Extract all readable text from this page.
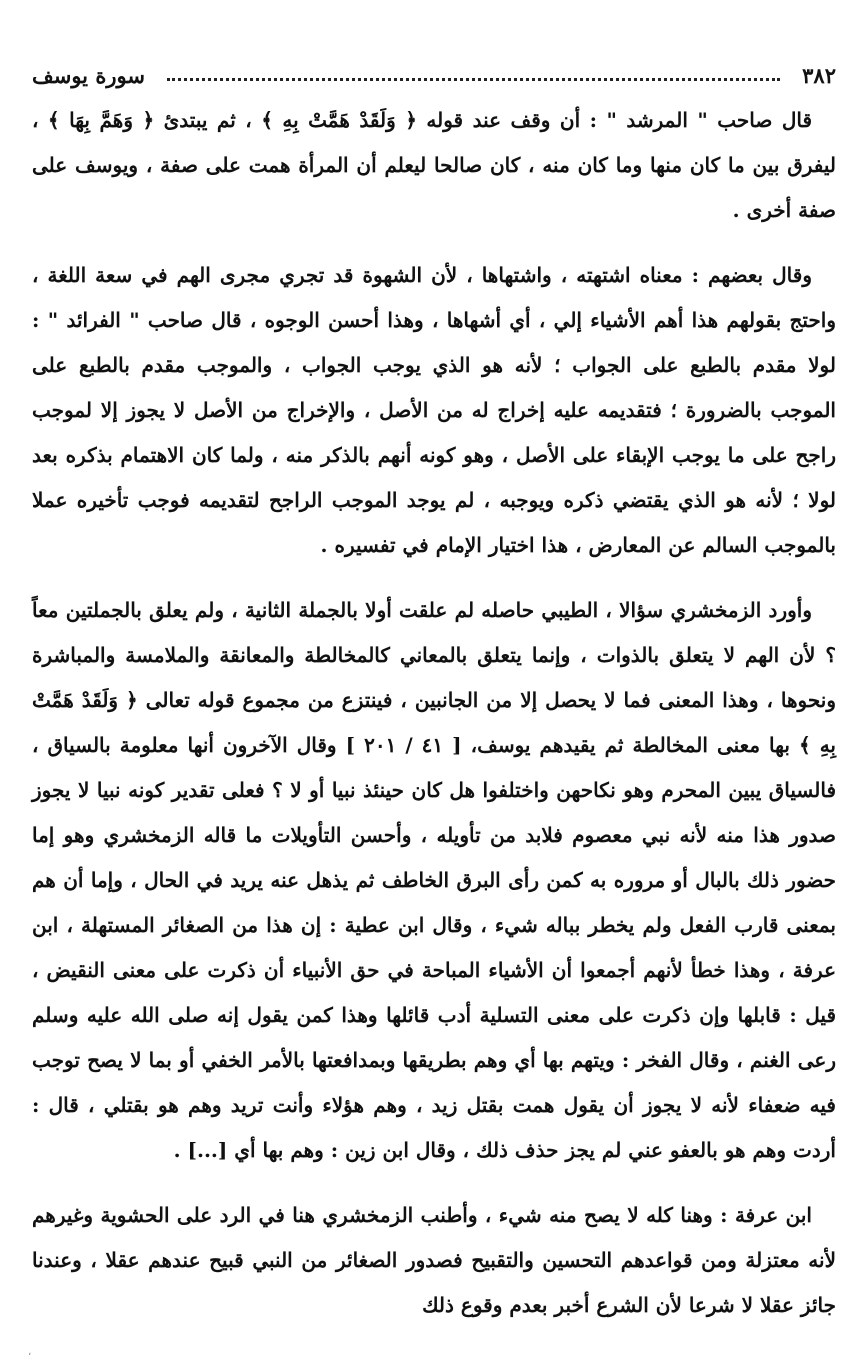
٣٨٢
سورة يوسف

قال صاحب " المرشد " : أن وقف عند قوله ﴿ وَلَقَدْ هَمَّتْ بِهِ ﴾ ، ثم يبتدئ ﴿ وَهَمَّ بِهَا ﴾ ، ليفرق بين ما كان منها وما كان منه ، كان صالحا ليعلم أن المرأة همت على صفة ، ويوسف على صفة أخرى .

وقال بعضهم : معناه اشتهته ، واشتهاها ، لأن الشهوة قد تجري مجرى الهم في سعة اللغة ، واحتج بقولهم هذا أهم الأشياء إلي ، أي أشهاها ، وهذا أحسن الوجوه ، قال صاحب " الفرائد " : لولا مقدم بالطبع على الجواب ؛ لأنه هو الذي يوجب الجواب ، والموجب مقدم بالطبع على الموجب بالضرورة ؛ فتقديمه عليه إخراج له من الأصل ، والإخراج من الأصل لا يجوز إلا لموجب راجح على ما يوجب الإبقاء على الأصل ، وهو كونه أنهم بالذكر منه ، ولما كان الاهتمام بذكره بعد لولا ؛ لأنه هو الذي يقتضي ذكره ويوجبه ، لم يوجد الموجب الراجح لتقديمه فوجب تأخيره عملا بالموجب السالم عن المعارض ، هذا اختيار الإمام في تفسيره .

وأورد الزمخشري سؤالا ، الطيبي حاصله لم علقت أولا بالجملة الثانية ، ولم يعلق بالجملتين معاً ؟ لأن الهم لا يتعلق بالذوات ، وإنما يتعلق بالمعاني كالمخالطة والمعانقة والملامسة والمباشرة ونحوها ، وهذا المعنى فما لا يحصل إلا من الجانبين ، فينتزع من مجموع قوله تعالى ﴿ وَلَقَدْ هَمَّتْ بِهِ ﴾ بها معنى المخالطة ثم يقيدهم يوسف، [ ٤١ / ٢٠١ ] وقال الآخرون أنها معلومة بالسياق ، فالسياق يبين المحرم وهو نكاحهن واختلفوا هل كان حينئذ نبيا أو لا ؟ فعلى تقدير كونه نبيا لا يجوز صدور هذا منه لأنه نبي معصوم فلابد من تأويله ، وأحسن التأويلات ما قاله الزمخشري وهو إما حضور ذلك بالبال أو مروره به كمن رأى البرق الخاطف ثم يذهل عنه يريد في الحال ، وإما أن هم بمعنى قارب الفعل ولم يخطر بباله شيء ، وقال ابن عطية : إن هذا من الصغائر المستهلة ، ابن عرفة ، وهذا خطأ لأنهم أجمعوا أن الأشياء المباحة في حق الأنبياء أن ذكرت على معنى النقيض ، قيل : قابلها وإن ذكرت على معنى التسلية أدب قائلها وهذا كمن يقول إنه صلى الله عليه وسلم رعى الغنم ، وقال الفخر : ويتهم بها أي وهم بطريقها وبمدافعتها بالأمر الخفي أو بما لا يصح توجب فيه ضعفاء لأنه لا يجوز أن يقول همت بقتل زيد ، وهم هؤلاء وأنت تريد وهم هو بقتلي ، قال : أردت وهم هو بالعفو عني لم يجز حذف ذلك ، وقال ابن زين : وهم بها أي [...] .

ابن عرفة : وهنا كله لا يصح منه شيء ، وأطنب الزمخشري هنا في الرد على الحشوية وغيرهم لأنه معتزلة ومن قواعدهم التحسين والتقبيح فصدور الصغائر من النبي قبيح عندهم عقلا ، وعندنا جائز عقلا لا شرعا لأن الشرع أخبر بعدم وقوع ذلك

،
